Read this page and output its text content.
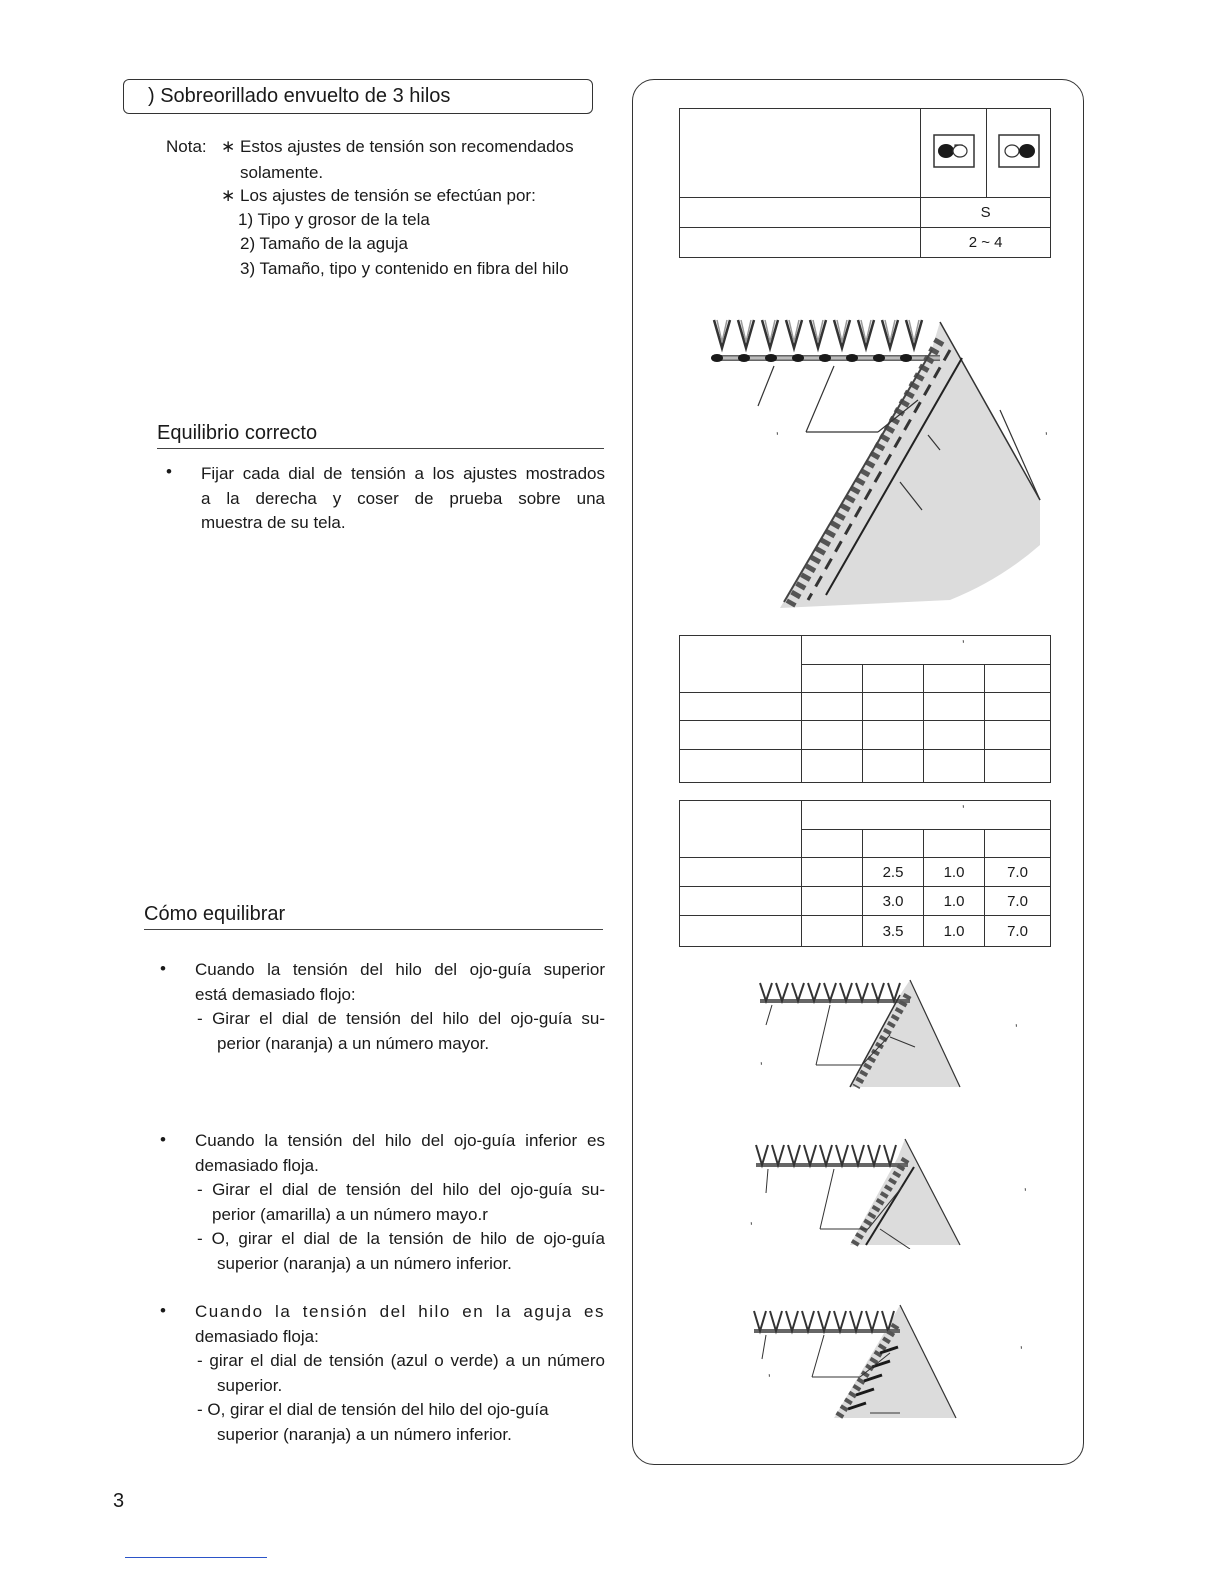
) Sobreorillado envuelto de 3 hilos
Nota: ∗ Estos ajustes de tensión son recomendados
solamente.
∗ Los ajustes de tensión se efectúan por:
1) Tipo y grosor de la tela
2) Tamaño de la aguja
3) Tamaño, tipo y contenido en fibra del hilo
Equilibrio correcto
• Fijar cada dial de tensión a los ajustes mostrados
a la derecha y coser de prueba sobre una
muestra de su tela.
Cómo equilibrar
• Cuando la tensión del hilo del ojo-guía superior
está demasiado flojo:
- Girar el dial de tensión del hilo del ojo-guía su-
perior (naranja) a un número mayor.
• Cuando la tensión del hilo del ojo-guía inferior es
demasiado floja.
- Girar el dial de tensión del hilo del ojo-guía su-
perior (amarilla) a un número mayo.r
- O, girar el dial de la tensión de hilo de ojo-guía
superior (naranja) a un número inferior.
• Cuando la tensión del hilo en la aguja es
demasiado floja:
- girar el dial de tensión (azul o verde) a un número
superior.
- O, girar el dial de tensión del hilo del ojo-guía
superior (naranja) a un número inferior.
3

	S	
	2 ~ 4	
ʼ	ʼ

	ʼ			

	ʼ			

		2.5	1.0	7.0
		3.0	1.0	7.0
		3.5	1.0	7.0
ʼ
ʼ
ʼ
ʼ
ʼ
ʼ
